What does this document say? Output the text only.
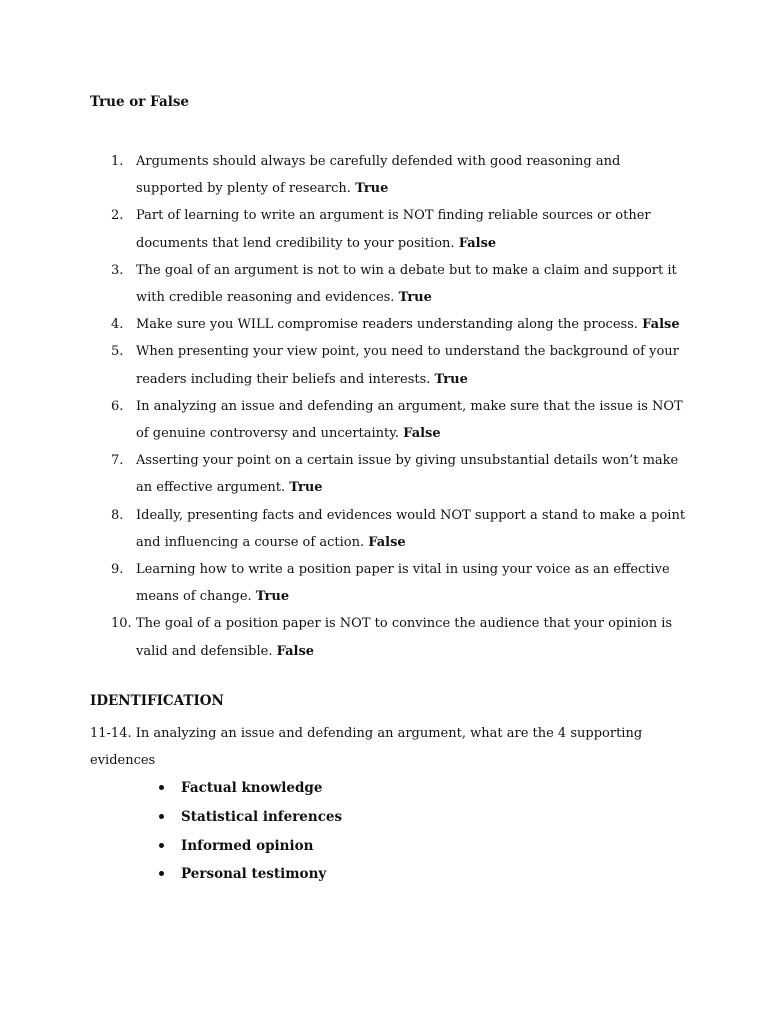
True or False
1. Arguments should always be carefully defended with good reasoning and supported by plenty of research. True
2. Part of learning to write an argument is NOT finding reliable sources or other documents that lend credibility to your position. False
3. The goal of an argument is not to win a debate but to make a claim and support it with credible reasoning and evidences. True
4. Make sure you WILL compromise readers understanding along the process. False
5. When presenting your view point, you need to understand the background of your readers including their beliefs and interests. True
6. In analyzing an issue and defending an argument, make sure that the issue is NOT of genuine controversy and uncertainty. False
7. Asserting your point on a certain issue by giving unsubstantial details won’t make an effective argument. True
8. Ideally, presenting facts and evidences would NOT support a stand to make a point and influencing a course of action. False
9. Learning how to write a position paper is vital in using your voice as an effective means of change. True
10. The goal of a position paper is NOT to convince the audience that your opinion is valid and defensible. False
IDENTIFICATION
11-14. In analyzing an issue and defending an argument, what are the 4 supporting evidences
Factual knowledge
Statistical inferences
Informed opinion
Personal testimony
